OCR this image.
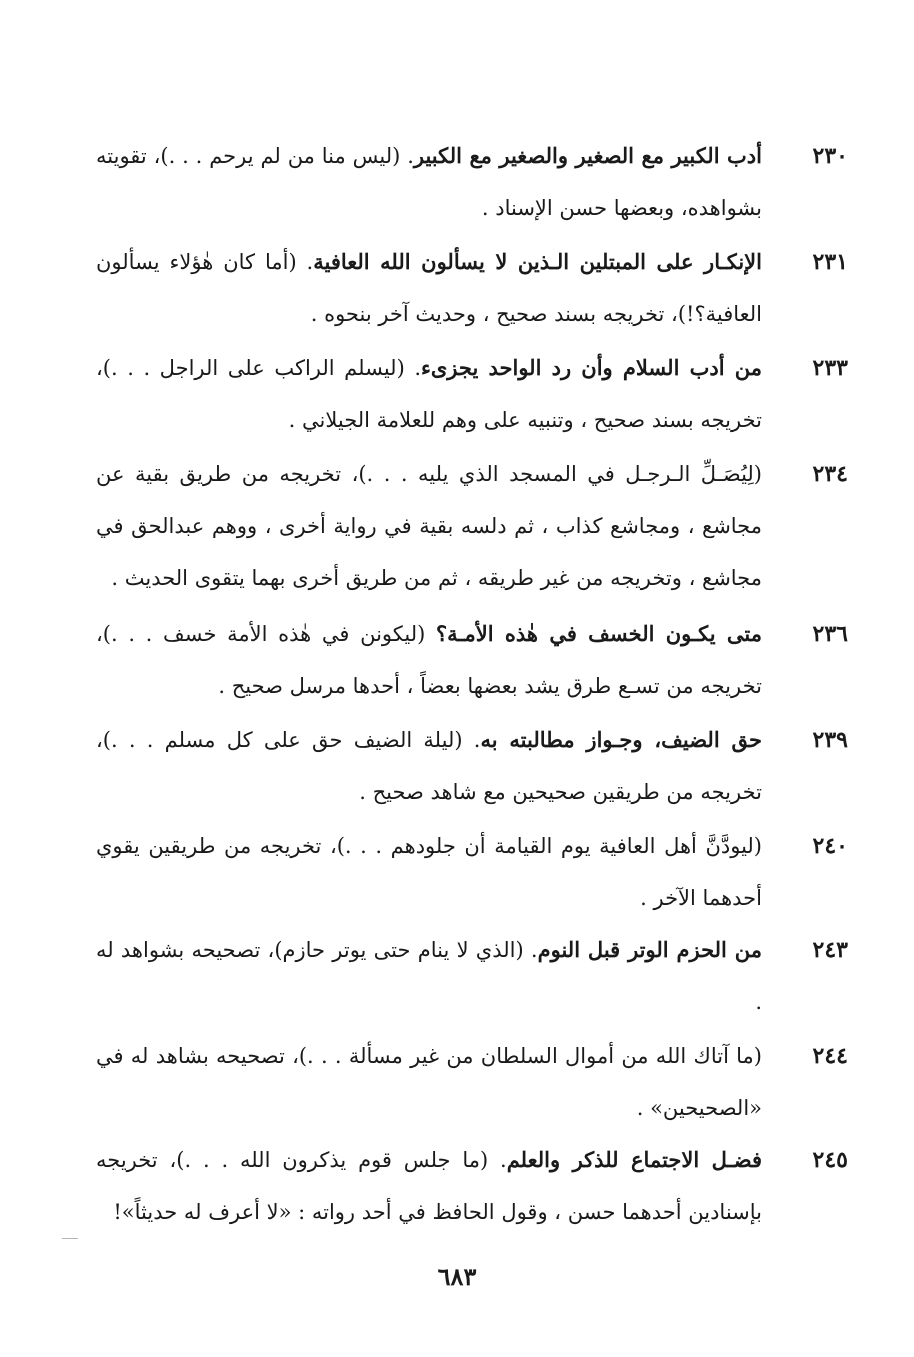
٢٣٠
أدب الكبير مع الصغير والصغير مع الكبير. (ليس منا من لم يرحم . . .)، تقويته بشواهده، وبعضها حسن الإسناد .
٢٣١
الإنكـار على المبتلين الـذين لا يسألون الله العافية. (أما كان هٰؤلاء يسألون العافية؟!)، تخريجه بسند صحيح ، وحديث آخر بنحوه .
٢٣٣
من أدب السلام وأن رد الواحد يجزىء. (ليسلم الراكب على الراجل . . .)، تخريجه بسند صحيح ، وتنبيه على وهم للعلامة الجيلاني .
٢٣٤
(لِيُصَـلِّ الـرجـل في المسجد الذي يليه . . .)، تخريجه من طريق بقية عن مجاشع ، ومجاشع كذاب ، ثم دلسه بقية في رواية أخرى ، ووهم عبدالحق في مجاشع ، وتخريجه من غير طريقه ، ثم من طريق أخرى بهما يتقوى الحديث .
٢٣٦
متى يكـون الخسف في هٰذه الأمـة؟ (ليكونن في هٰذه الأمة خسف . . .)، تخريجه من تسـع طرق يشد بعضها بعضاً ، أحدها مرسل صحيح .
٢٣٩
حق الضيف، وجـواز مطالبته به. (ليلة الضيف حق على كل مسلم . . .)، تخريجه من طريقين صحيحين مع شاهد صحيح .
٢٤٠
(ليودَّنَّ أهل العافية يوم القيامة أن جلودهم . . .)، تخريجه من طريقين يقوي أحدهما الآخر .
٢٤٣
من الحزم الوتر قبل النوم. (الذي لا ينام حتى يوتر حازم)، تصحيحه بشواهد له .
٢٤٤
(ما آتاك الله من أموال السلطان من غير مسألة . . .)، تصحيحه بشاهد له في «الصحيحين» .
٢٤٥
فضـل الاجتماع للذكر والعلم. (ما جلس قوم يذكرون الله . . .)، تخريجه بإسنادين أحدهما حسن ، وقول الحافظ في أحد رواته : «لا أعرف له حديثاً»!
٦٨٣
